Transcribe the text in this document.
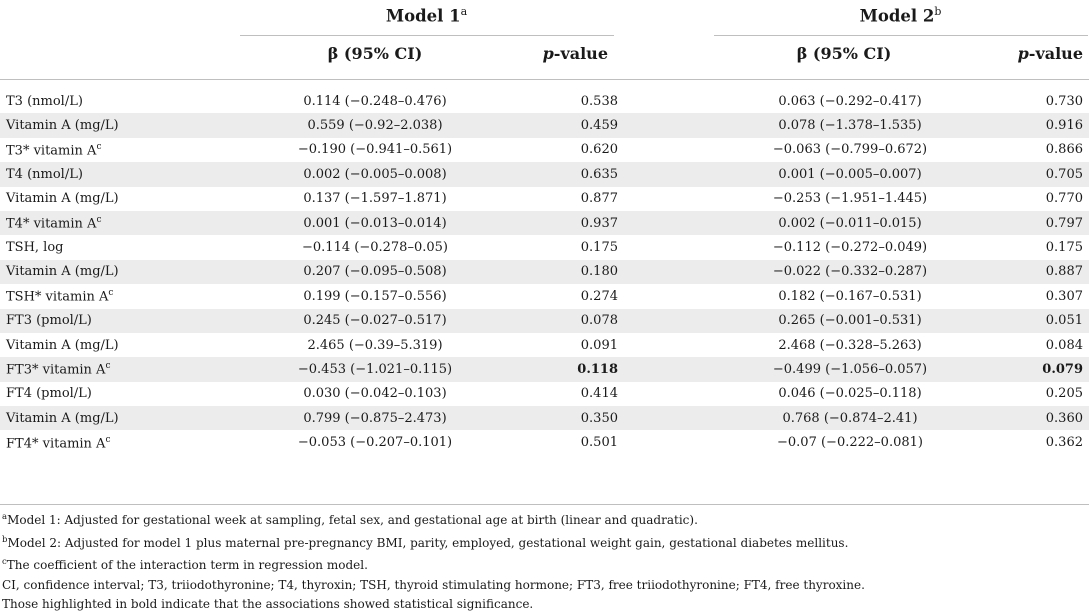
Model 1$^a$	Model 2$^b$
β (95% CI)	p-value	β (95% CI)	p-value
T3 (nmol/L)	0.114 (−0.248–0.476)	0.538		0.063 (−0.292–0.417)	0.730
Vitamin A (mg/L)	0.559 (−0.92–2.038)	0.459		0.078 (−1.378–1.535)	0.916
T3* vitamin $A^c$	−0.190 (−0.941–0.561)	0.620		−0.063 (−0.799–0.672)	0.866
T4 (nmol/L)	0.002 (−0.005–0.008)	0.635		0.001 (−0.005–0.007)	0.705
Vitamin A (mg/L)	0.137 (−1.597–1.871)	0.877		−0.253 (−1.951–1.445)	0.770
T4* vitamin $A^c$	0.001 (−0.013–0.014)	0.937		0.002 (−0.011–0.015)	0.797
TSH, log	−0.114 (−0.278–0.05)	0.175		−0.112 (−0.272–0.049)	0.175
Vitamin A (mg/L)	0.207 (−0.095–0.508)	0.180		−0.022 (−0.332–0.287)	0.887
TSH* vitamin $A^c$	0.199 (−0.157–0.556)	0.274		0.182 (−0.167–0.531)	0.307
FT3 (pmol/L)	0.245 (−0.027–0.517)	0.078		0.265 (−0.001–0.531)	0.051
Vitamin A (mg/L)	2.465 (−0.39–5.319)	0.091		2.468 (−0.328–5.263)	0.084
FT3* vitamin $A^c$	−0.453 (−1.021–0.115)	0.118		−0.499 (−1.056–0.057)	0.079
FT4 (pmol/L)	0.030 (−0.042–0.103)	0.414		0.046 (−0.025–0.118)	0.205
Vitamin A (mg/L)	0.799 (−0.875–2.473)	0.350		0.768 (−0.874–2.41)	0.360
FT4* vitamin $A^c$	−0.053 (−0.207–0.101)	0.501		−0.07 (−0.222–0.081)	0.362
$^a$Model 1: Adjusted for gestational week at sampling, fetal sex, and gestational age at birth (linear and quadratic).
$^b$Model 2: Adjusted for model 1 plus maternal pre-pregnancy BMI, parity, employed, gestational weight gain, gestational diabetes mellitus.
$^c$The coefficient of the interaction term in regression model.
CI, confidence interval; T3, triiodothyronine; T4, thyroxin; TSH, thyroid stimulating hormone; FT3, free triiodothyronine; FT4, free thyroxine.
Those highlighted in bold indicate that the associations showed statistical significance.
